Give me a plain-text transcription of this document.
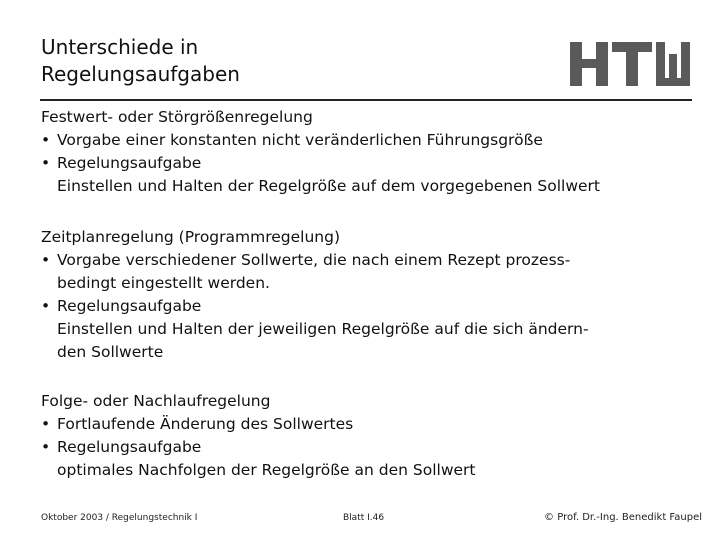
Unterschiede in
Regelungsaufgaben
Festwert- oder Störgrößenregelung
• Vorgabe einer konstanten nicht veränderlichen Führungsgröße
• Regelungsaufgabe
Einstellen und Halten der Regelgröße auf dem vorgegebenen Sollwert
Zeitplanregelung (Programmregelung)
• Vorgabe verschiedener Sollwerte, die nach einem Rezept prozess-
bedingt eingestellt werden.
• Regelungsaufgabe
Einstellen und Halten der jeweiligen Regelgröße auf die sich ändern-
den Sollwerte
Folge- oder Nachlaufregelung
• Fortlaufende Änderung des Sollwertes
• Regelungsaufgabe
optimales Nachfolgen der Regelgröße an den Sollwert
Oktober 2003 / Regelungstechnik I	Blatt I.46	© Prof. Dr.-Ing. Benedikt Faupel
